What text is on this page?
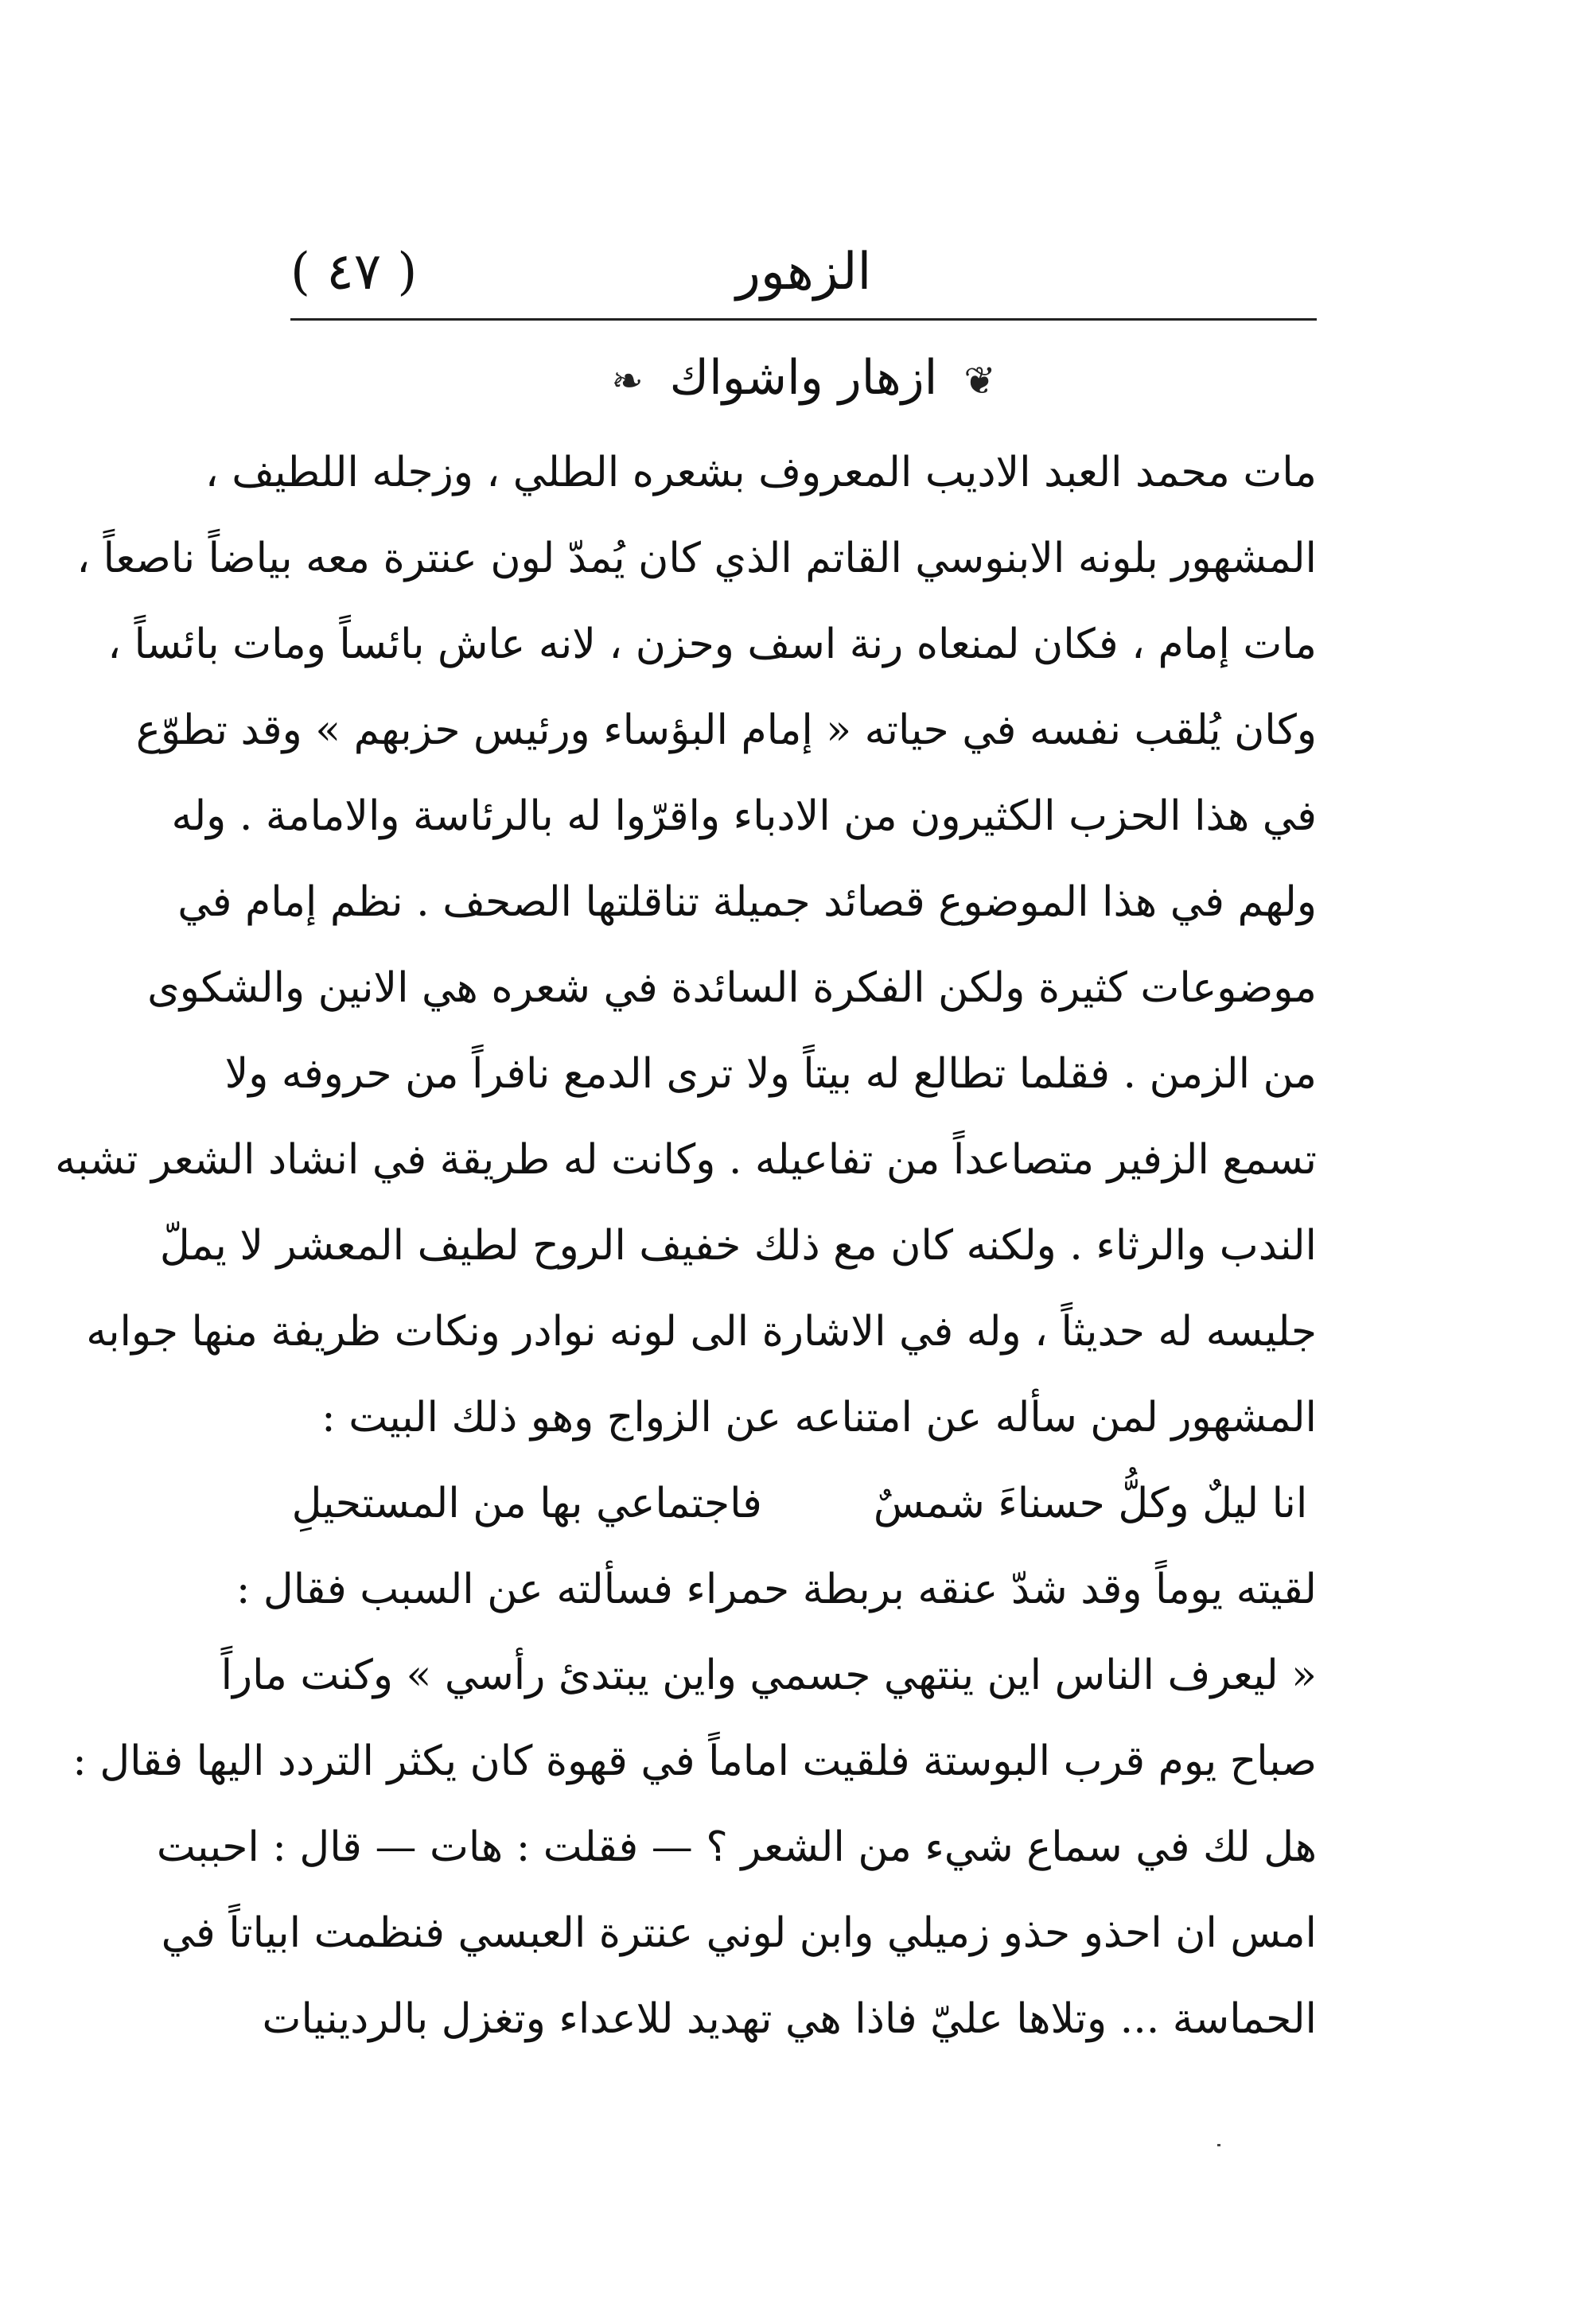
( ٤٧ )	الزهور
❦ ازهار واشواك ❧
مات محمد العبد الاديب المعروف بشعره الطلي ، وزجله اللطيف ،
المشهور بلونه الابنوسي القاتم الذي كان يُمدّ لون عنترة معه بياضاً ناصعاً ،
مات إمام ، فكان لمنعاه رنة اسف وحزن ، لانه عاش بائساً ومات بائساً ،
وكان يُلقب نفسه في حياته « إمام البؤساء ورئيس حزبهم » وقد تطوّع
في هذا الحزب الكثيرون من الادباء واقرّوا له بالرئاسة والامامة . وله
ولهم في هذا الموضوع قصائد جميلة تناقلتها الصحف . نظم إمام في
موضوعات كثيرة ولكن الفكرة السائدة في شعره هي الانين والشكوى
من الزمن . فقلما تطالع له بيتاً ولا ترى الدمع نافراً من حروفه ولا
تسمع الزفير متصاعداً من تفاعيله . وكانت له طريقة في انشاد الشعر تشبه
الندب والرثاء . ولكنه كان مع ذلك خفيف الروح لطيف المعشر لا يملّ
جليسه له حديثاً ، وله في الاشارة الى لونه نوادر ونكات ظريفة منها جوابه
المشهور لمن سأله عن امتناعه عن الزواج وهو ذلك البيت :
انا ليلٌ وكلُّ حسناءَ شمسٌ
فاجتماعي بها من المستحيلِ
لقيته يوماً وقد شدّ عنقه بربطة حمراء فسألته عن السبب فقال :
« ليعرف الناس اين ينتهي جسمي واين يبتدئ رأسي » وكنت ماراً
صباح يوم قرب البوستة فلقيت اماماً في قهوة كان يكثر التردد اليها فقال :
هل لك في سماع شيء من الشعر ؟ — فقلت : هات — قال : احببت
امس ان احذو حذو زميلي وابن لوني عنترة العبسي فنظمت ابياتاً في
الحماسة ... وتلاها عليّ فاذا هي تهديد للاعداء وتغزل بالردينيات
